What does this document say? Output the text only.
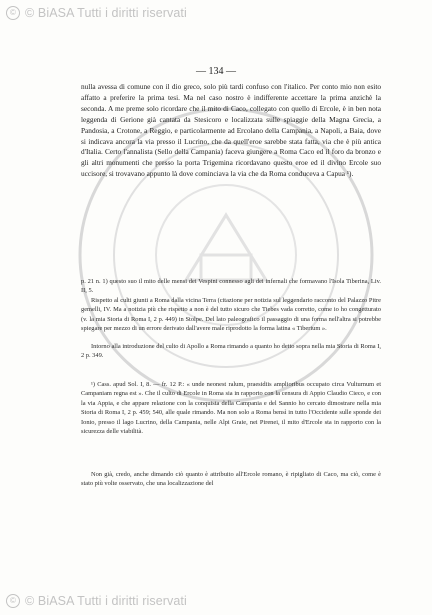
© © BiASA Tutti i diritti riservati
— 134 —

nulla avessa di comune con il dio greco, solo più tardi confuso con l'italico. Per conto mio non esito affatto a preferire la prima tesi. Ma nel caso nostro è indifferente accettare la prima anzichè la seconda. A me preme solo ricordare che il mito di Caco, collegato con quello di Ercole, è in ben nota leggenda di Gerione già cantata da Stesicoro e localizzata sulle spiaggie della Magna Grecia, a Pandosia, a Crotone, a Reggio, e particolarmente ad Ercolano della Campania, a Napoli, a Baia, dove si indicava ancora la via presso il Lucrino, che da quell'eroe sarebbe stata fatta, via che è più antica d'Italia. Certo l'annalista (Sello della Campania) faceva giungere a Roma Caco ed il foro da bronzo e gli altri monumenti che presso la porta Trigemina ricordavano questo eroe ed il divino Ercole suo uccisore, si trovavano appunto là dove cominciava la via che da Roma conduceva a Capua ¹).

p. 21 n. 1) questo suo il mito delle mensi dei Vespini connesso agli dei infernali che formavano l'Isola Tiberina, Liv. II, 5.

Rispetto al culti giunti a Roma dalla vicina Terra (citazione per notizia sul leggendario racconto del Palazzo Pitre gemelli, IV. Ma a notizia più che rispetto a non è del tutto sicuro che Tiebes vada corretto, come io ho congetturato (v. la mia Storia di Roma I, 2 p. 449) in Stolpe. Del lato paleografico il passaggio di una forma nell'altra si potrebbe spiegare per mezzo di un errore derivato dall'avere male riprodotto la forma latina « Tiberium ».

Intorno alla introduzione del culto di Apollo a Roma rimando a quanto ho detto sopra nella mia Storia di Roma I, 2 p. 349.

¹) Cass. apud Sol. I, 8. — fr. 12 P.: « unde neonest ralum, praesidiis amplioribus occupato circa Vulturnum et Campaniam regna est ». Che il culto di Ercole in Roma sia in rapporto con la censura di Appio Claudio Cieco, e con la via Appia, e che appare relazione con la conquista della Campania e del Sannio ho cercato dimostrare nella mia Storia di Roma I, 2 p. 459; 540, alle quale rimando. Ma non solo a Roma bensì in tutto l'Occidente sulle sponde dei Ionio, presso il lago Lucrino, della Campania, nelle Alpi Graie, nei Pirenei, il mito d'Ercole sta in rapporto con la sicurezza delle viabilità.

Non già, credo, anche dimando ciò quanto è attribuito all'Ercole romano, è ripigliato di Caco, ma ciò, come è stato più volte osservato, che una localizzazione del

© © BiASA Tutti i diritti riservati
